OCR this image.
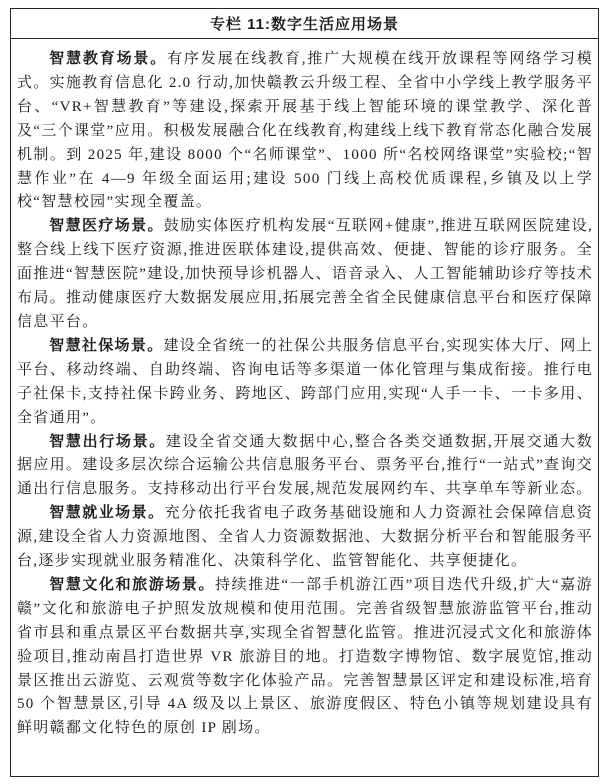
专栏 11:数字生活应用场景

智慧教育场景。有序发展在线教育,推广大规模在线开放课程等网络学习模式。实施教育信息化 2.0 行动,加快赣教云升级工程、全省中小学线上教学服务平台、“VR+智慧教育”等建设,探索开展基于线上智能环境的课堂教学、深化普及“三个课堂”应用。积极发展融合化在线教育,构建线上线下教育常态化融合发展机制。到 2025 年,建设 8000 个“名师课堂”、1000 所“名校网络课堂”实验校;“智慧作业”在 4—9 年级全面运用;建设 500 门线上高校优质课程,乡镇及以上学校“智慧校园”实现全覆盖。

智慧医疗场景。鼓励实体医疗机构发展“互联网+健康”,推进互联网医院建设,整合线上线下医疗资源,推进医联体建设,提供高效、便捷、智能的诊疗服务。全面推进“智慧医院”建设,加快预导诊机器人、语音录入、人工智能辅助诊疗等技术布局。推动健康医疗大数据发展应用,拓展完善全省全民健康信息平台和医疗保障信息平台。

智慧社保场景。建设全省统一的社保公共服务信息平台,实现实体大厅、网上平台、移动终端、自助终端、咨询电话等多渠道一体化管理与集成衔接。推行电子社保卡,支持社保卡跨业务、跨地区、跨部门应用,实现“人手一卡、一卡多用、全省通用”。

智慧出行场景。建设全省交通大数据中心,整合各类交通数据,开展交通大数据应用。建设多层次综合运输公共信息服务平台、票务平台,推行“一站式”查询交通出行信息服务。支持移动出行平台发展,规范发展网约车、共享单车等新业态。

智慧就业场景。充分依托我省电子政务基础设施和人力资源社会保障信息资源,建设全省人力资源地图、全省人力资源数据池、大数据分析平台和智能服务平台,逐步实现就业服务精准化、决策科学化、监管智能化、共享便捷化。

智慧文化和旅游场景。持续推进“一部手机游江西”项目迭代升级,扩大“嘉游赣”文化和旅游电子护照发放规模和使用范围。完善省级智慧旅游监管平台,推动省市县和重点景区平台数据共享,实现全省智慧化监管。推进沉浸式文化和旅游体验项目,推动南昌打造世界 VR 旅游目的地。打造数字博物馆、数字展览馆,推动景区推出云游览、云观赏等数字化体验产品。完善智慧景区评定和建设标准,培育 50 个智慧景区,引导 4A 级及以上景区、旅游度假区、特色小镇等规划建设具有鲜明赣鄱文化特色的原创 IP 剧场。
